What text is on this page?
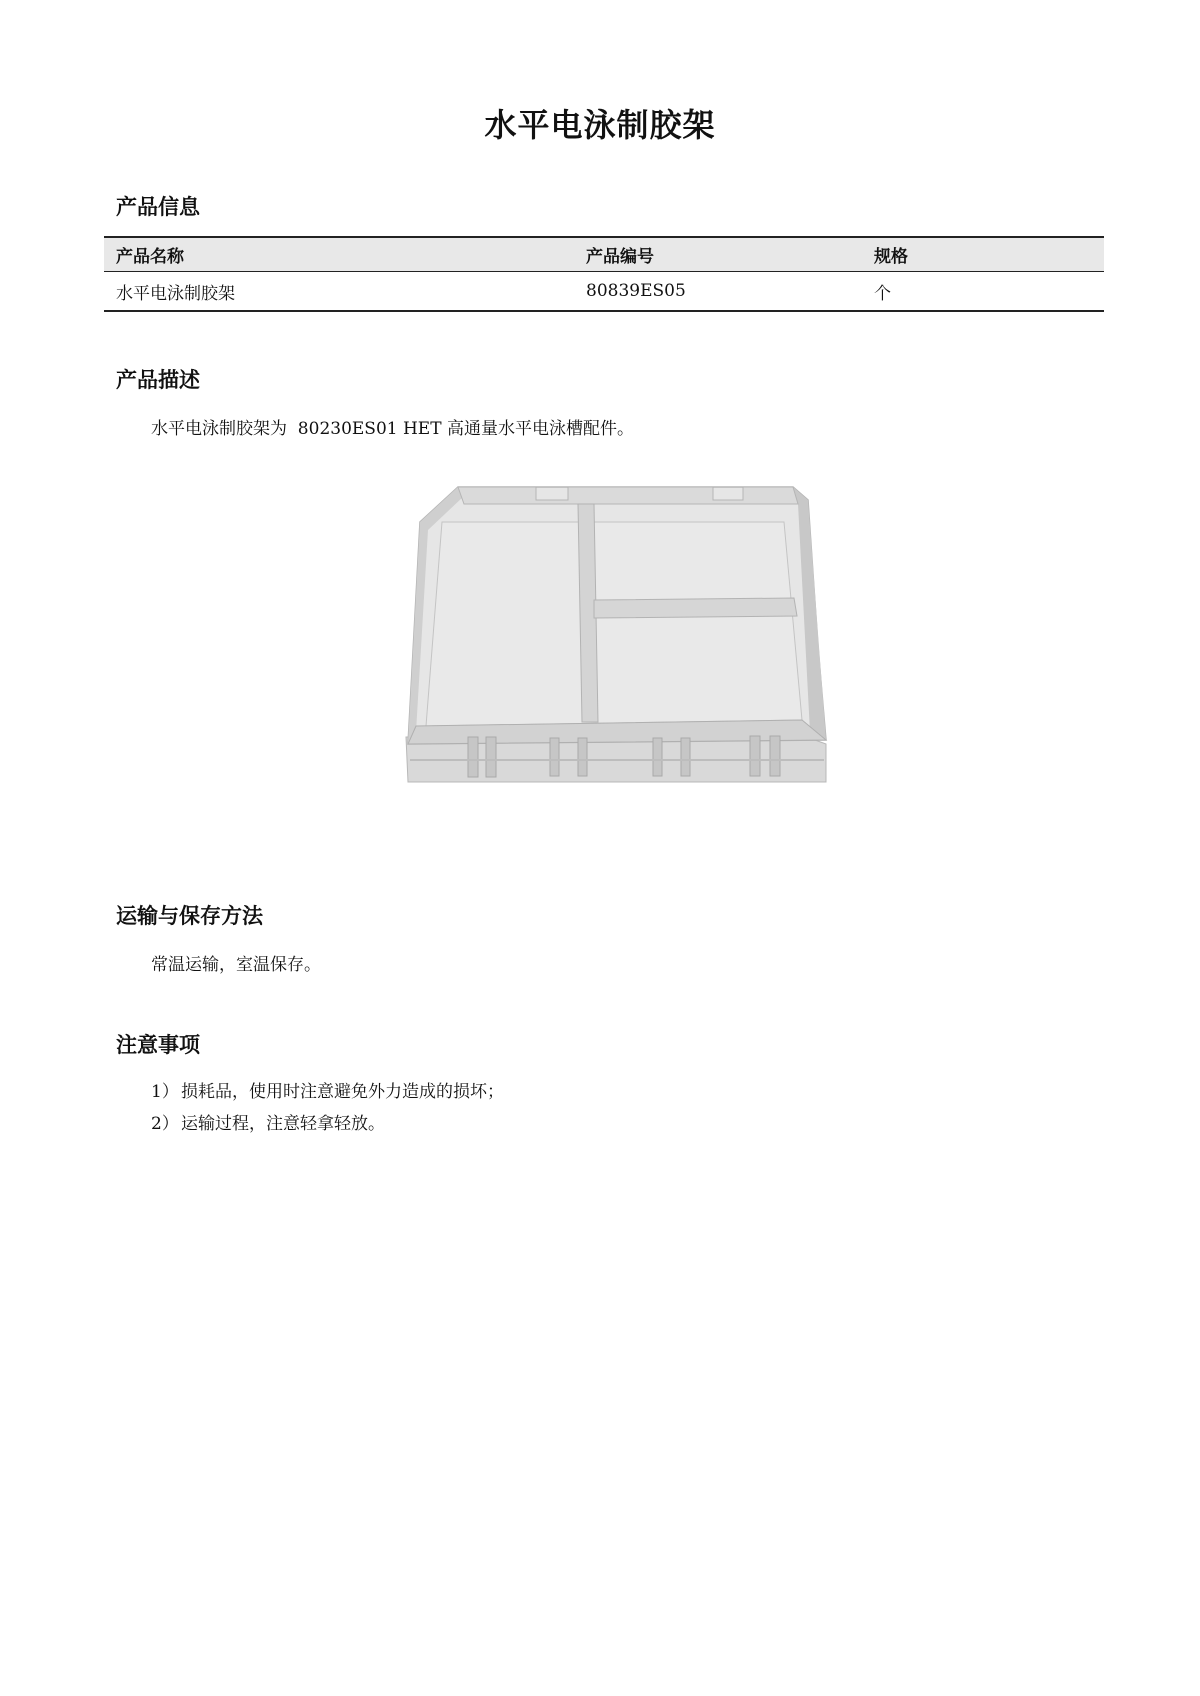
水平电泳制胶架
产品信息
产品名称	产品编号	规格
水平电泳制胶架	80839ES05	个
产品描述

水平电泳制胶架为  80230ES01 HET 高通量水平电泳槽配件。

运输与保存方法

常温运输，室温保存。

注意事项
1） 损耗品，使用时注意避免外力造成的损坏；
2） 运输过程，注意轻拿轻放。
